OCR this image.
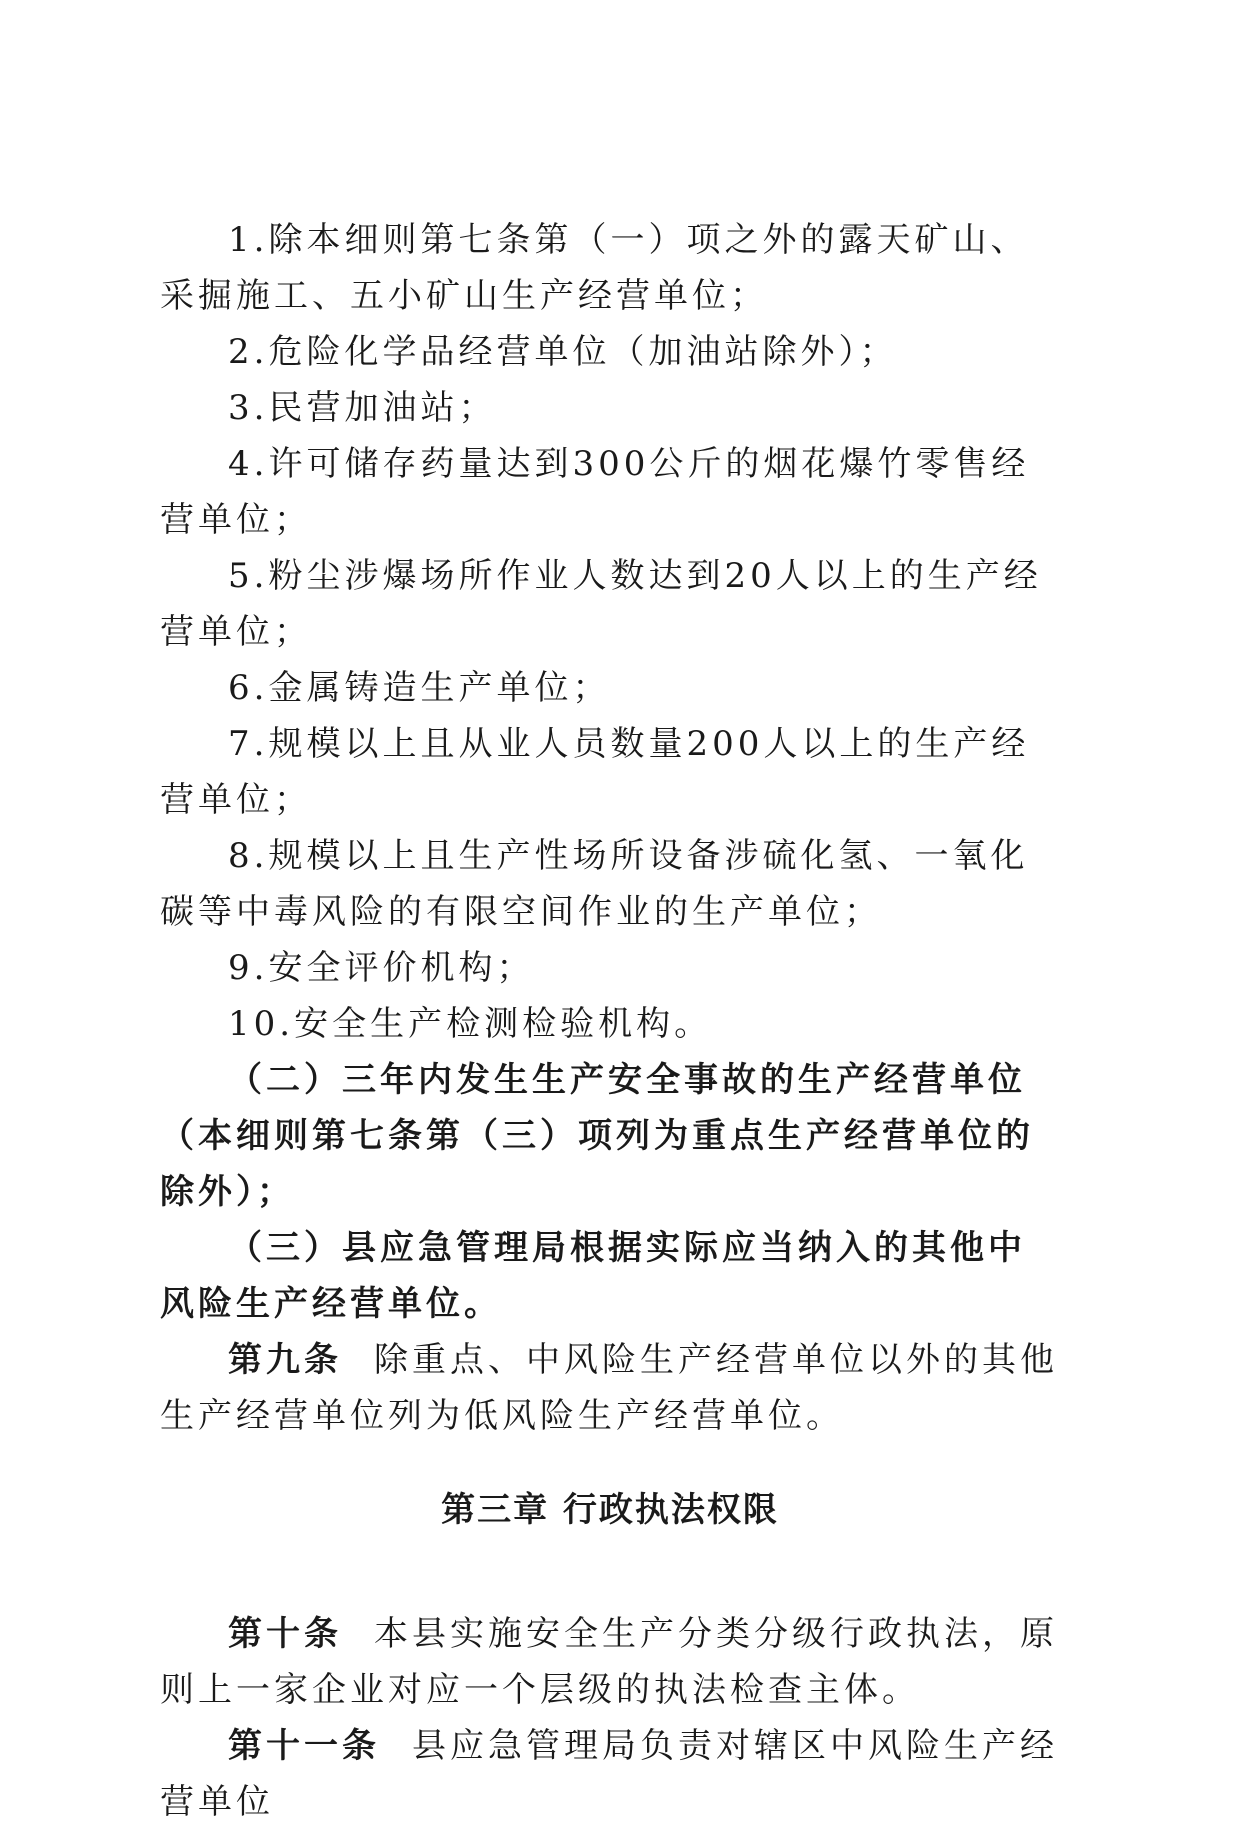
1.除本细则第七条第（一）项之外的露天矿山、采掘施工、五小矿山生产经营单位；

2.危险化学品经营单位（加油站除外）；

3.民营加油站；

4.许可储存药量达到300公斤的烟花爆竹零售经营单位；

5.粉尘涉爆场所作业人数达到20人以上的生产经营单位；

6.金属铸造生产单位；

7.规模以上且从业人员数量200人以上的生产经营单位；

8.规模以上且生产性场所设备涉硫化氢、一氧化碳等中毒风险的有限空间作业的生产单位；

9.安全评价机构；

10.安全生产检测检验机构。

（二）三年内发生生产安全事故的生产经营单位（本细则第七条第（三）项列为重点生产经营单位的除外）；

（三）县应急管理局根据实际应当纳入的其他中风险生产经营单位。

第九条 除重点、中风险生产经营单位以外的其他生产经营单位列为低风险生产经营单位。

第三章 行政执法权限

第十条 本县实施安全生产分类分级行政执法，原则上一家企业对应一个层级的执法检查主体。

第十一条 县应急管理局负责对辖区中风险生产经营单位
